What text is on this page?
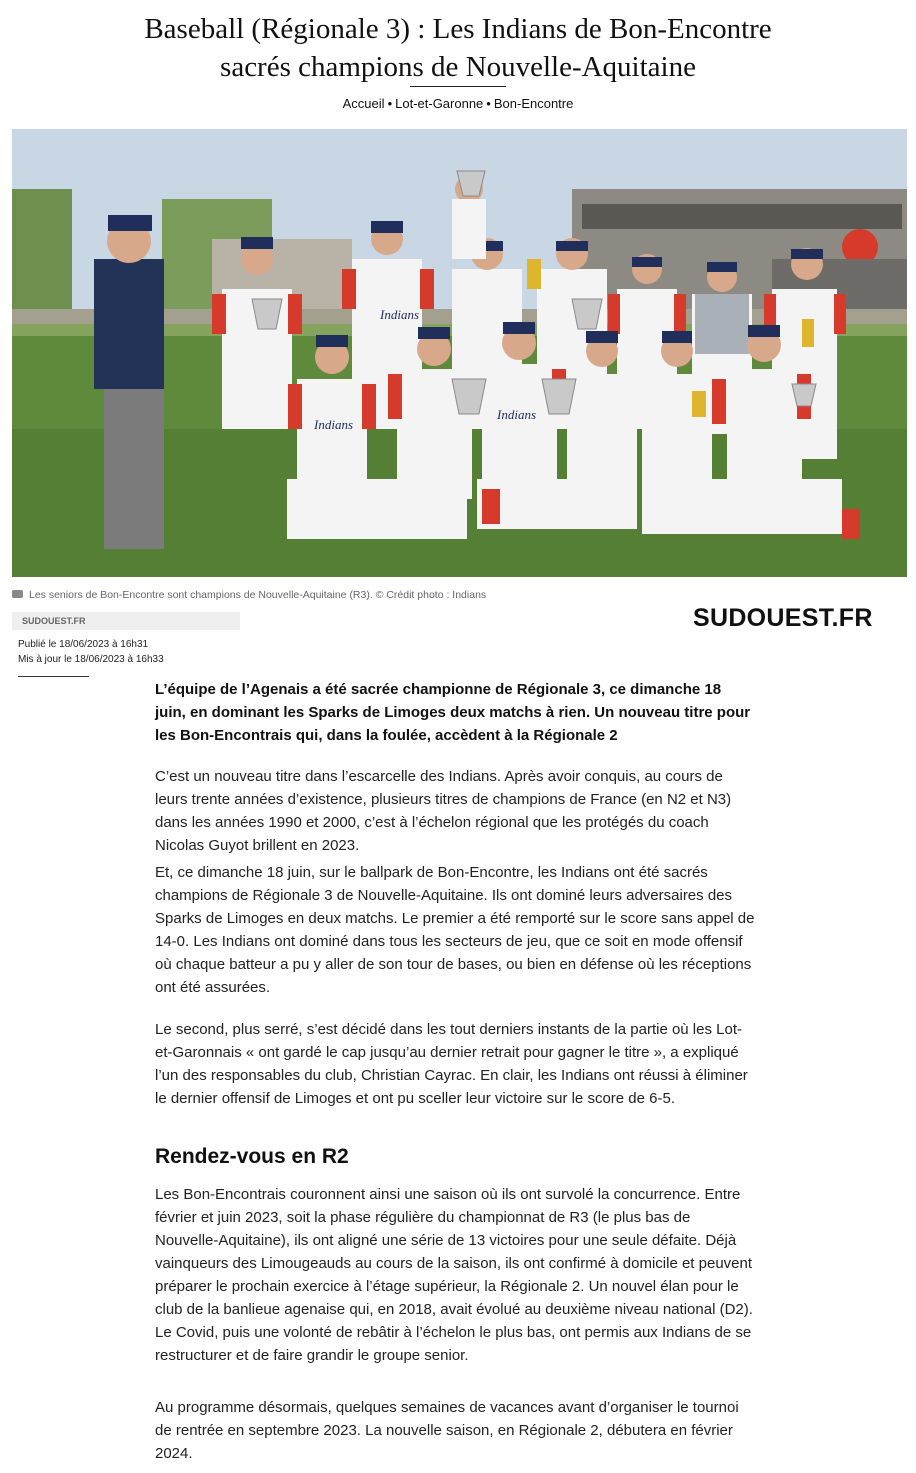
Baseball (Régionale 3) : Les Indians de Bon-Encontre
sacrés champions de Nouvelle-Aquitaine
Accueil • Lot-et-Garonne • Bon-Encontre
Indians
Indians
Indians
Les seniors de Bon-Encontre sont champions de Nouvelle-Aquitaine (R3). © Crédit photo : Indians
SUDOUEST.FR	SUDOUEST.FR
Publié le 18/06/2023 à 16h31
Mis à jour le 18/06/2023 à 16h33

L’équipe de l’Agenais a été sacrée championne de Régionale 3, ce dimanche 18 juin, en dominant les Sparks de Limoges deux matchs à rien. Un nouveau titre pour les Bon-Encontrais qui, dans la foulée, accèdent à la Régionale 2

C’est un nouveau titre dans l’escarcelle des Indians. Après avoir conquis, au cours de leurs trente années d’existence, plusieurs titres de champions de France (en N2 et N3) dans les années 1990 et 2000, c’est à l’échelon régional que les protégés du coach Nicolas Guyot brillent en 2023.

Et, ce dimanche 18 juin, sur le ballpark de Bon-Encontre, les Indians ont été sacrés champions de Régionale 3 de Nouvelle-Aquitaine. Ils ont dominé leurs adversaires des Sparks de Limoges en deux matchs. Le premier a été remporté sur le score sans appel de 14-0. Les Indians ont dominé dans tous les secteurs de jeu, que ce soit en mode offensif où chaque batteur a pu y aller de son tour de bases, ou bien en défense où les réceptions ont été assurées.

Le second, plus serré, s’est décidé dans les tout derniers instants de la partie où les Lot-et-Garonnais « ont gardé le cap jusqu’au dernier retrait pour gagner le titre », a expliqué l’un des responsables du club, Christian Cayrac. En clair, les Indians ont réussi à éliminer le dernier offensif de Limoges et ont pu sceller leur victoire sur le score de 6-5.

Rendez-vous en R2

Les Bon-Encontrais couronnent ainsi une saison où ils ont survolé la concurrence. Entre février et juin 2023, soit la phase régulière du championnat de R3 (le plus bas de Nouvelle-Aquitaine), ils ont aligné une série de 13 victoires pour une seule défaite. Déjà vainqueurs des Limougeauds au cours de la saison, ils ont confirmé à domicile et peuvent préparer le prochain exercice à l’étage supérieur, la Régionale 2. Un nouvel élan pour le club de la banlieue agenaise qui, en 2018, avait évolué au deuxième niveau national (D2). Le Covid, puis une volonté de rebâtir à l’échelon le plus bas, ont permis aux Indians de se restructurer et de faire grandir le groupe senior.

Au programme désormais, quelques semaines de vacances avant d’organiser le tournoi de rentrée en septembre 2023. La nouvelle saison, en Régionale 2, débutera en février 2024.
